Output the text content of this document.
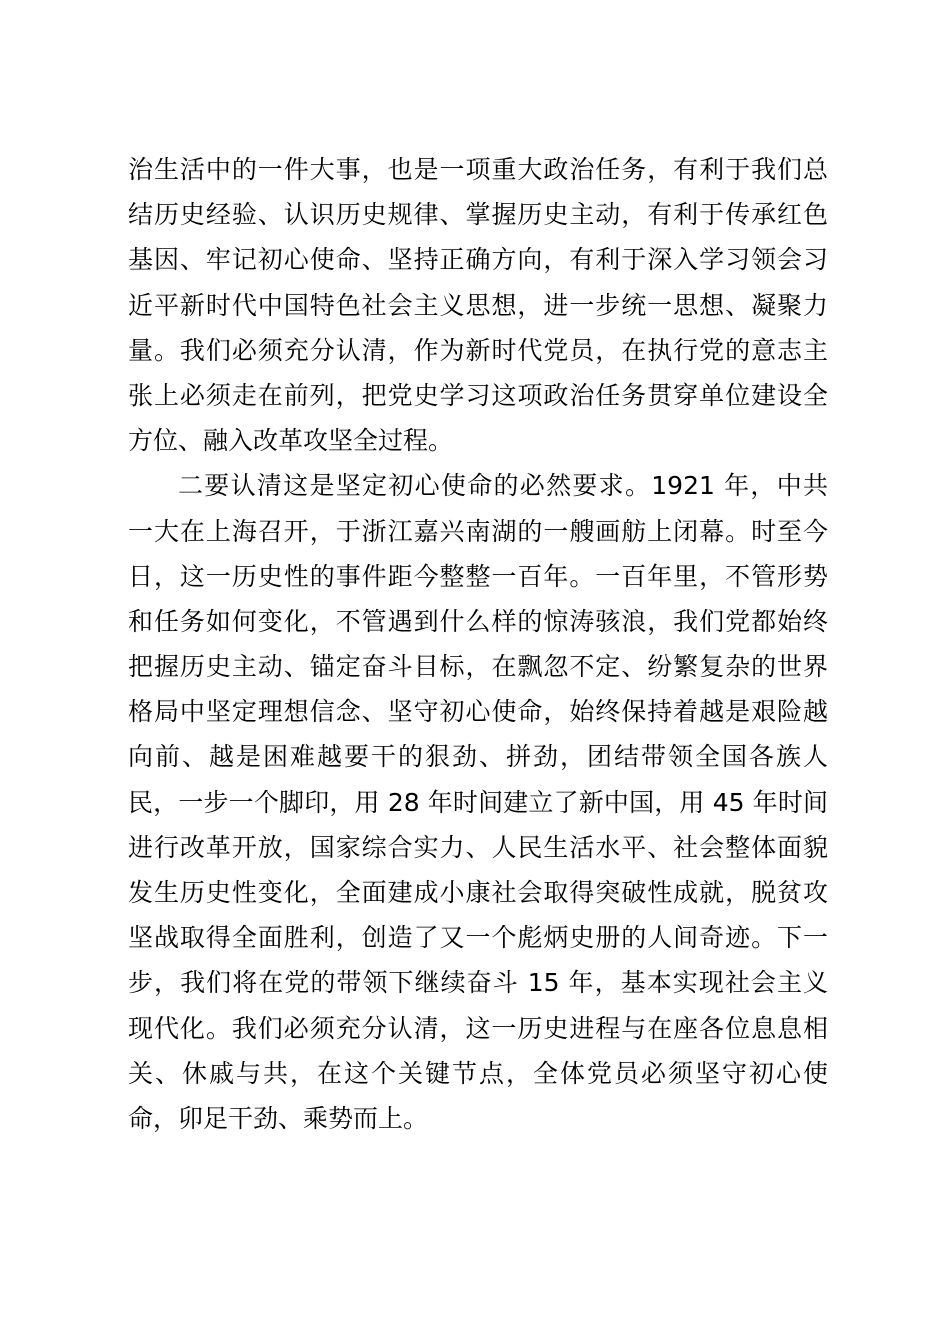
治生活中的一件大事，也是一项重大政治任务，有利于我们总
结历史经验、认识历史规律、掌握历史主动，有利于传承红色
基因、牢记初心使命、坚持正确方向，有利于深入学习领会习
近平新时代中国特色社会主义思想，进一步统一思想、凝聚力
量。我们必须充分认清，作为新时代党员，在执行党的意志主
张上必须走在前列，把党史学习这项政治任务贯穿单位建设全
方位、融入改革攻坚全过程。
二要认清这是坚定初心使命的必然要求。1921 年，中共
一大在上海召开，于浙江嘉兴南湖的一艘画舫上闭幕。时至今
日，这一历史性的事件距今整整一百年。一百年里，不管形势
和任务如何变化，不管遇到什么样的惊涛骇浪，我们党都始终
把握历史主动、锚定奋斗目标，在飘忽不定、纷繁复杂的世界
格局中坚定理想信念、坚守初心使命，始终保持着越是艰险越
向前、越是困难越要干的狠劲、拼劲，团结带领全国各族人
民，一步一个脚印，用 28 年时间建立了新中国，用 45 年时间
进行改革开放，国家综合实力、人民生活水平、社会整体面貌
发生历史性变化，全面建成小康社会取得突破性成就，脱贫攻
坚战取得全面胜利，创造了又一个彪炳史册的人间奇迹。下一
步，我们将在党的带领下继续奋斗 15 年，基本实现社会主义
现代化。我们必须充分认清，这一历史进程与在座各位息息相
关、休戚与共，在这个关键节点，全体党员必须坚守初心使
命，卯足干劲、乘势而上。
